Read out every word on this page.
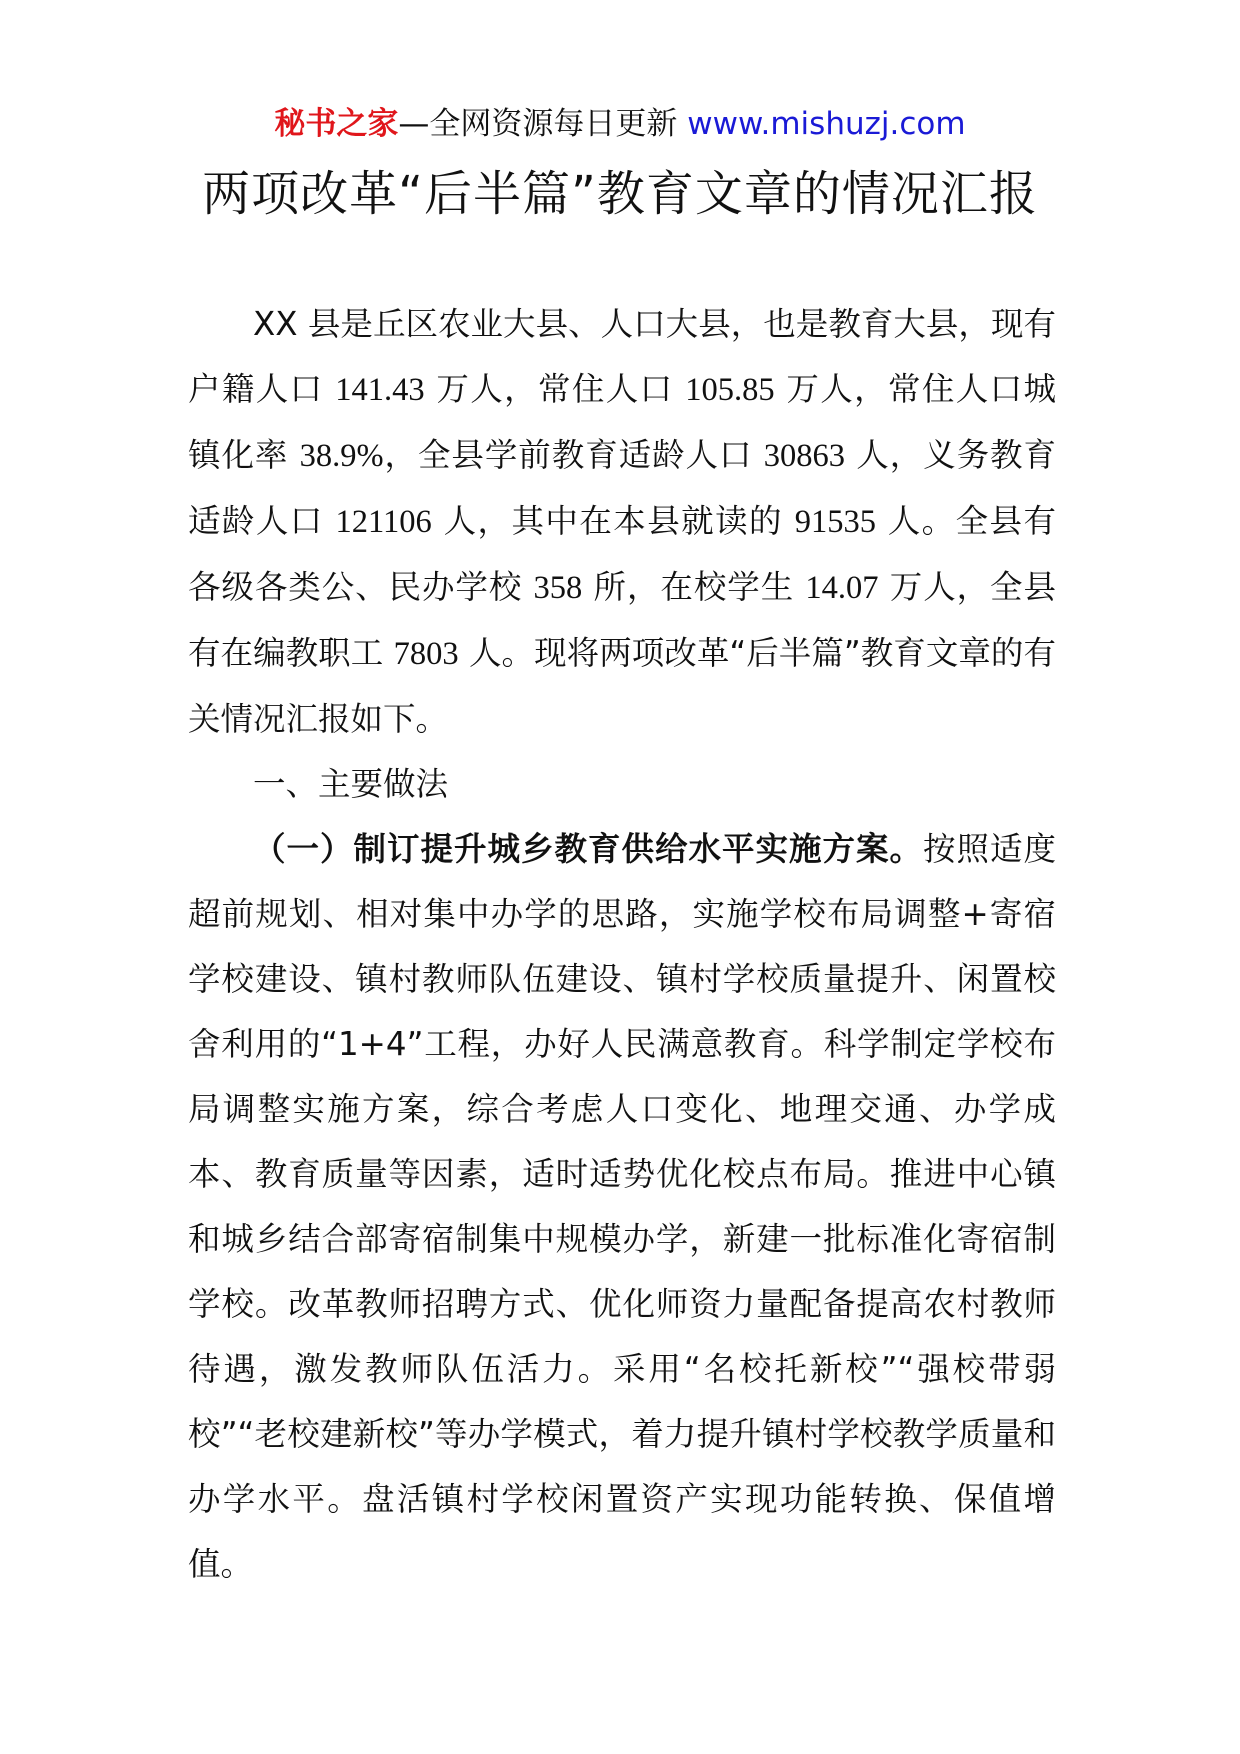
秘书之家—全网资源每日更新 www.mishuzj.com
两项改革“后半篇”教育文章的情况汇报

XX 县是丘区农业大县、人口大县，也是教育大县，现有户籍人口 141.43 万人，常住人口 105.85 万人，常住人口城镇化率 38.9%，全县学前教育适龄人口 30863 人，义务教育适龄人口 121106 人，其中在本县就读的 91535 人。全县有各级各类公、民办学校 358 所，在校学生 14.07 万人，全县有在编教职工 7803 人。现将两项改革“后半篇”教育文章的有关情况汇报如下。

一、主要做法

（一）制订提升城乡教育供给水平实施方案。按照适度超前规划、相对集中办学的思路，实施学校布局调整+寄宿学校建设、镇村教师队伍建设、镇村学校质量提升、闲置校舍利用的“1+4”工程，办好人民满意教育。科学制定学校布局调整实施方案，综合考虑人口变化、地理交通、办学成本、教育质量等因素，适时适势优化校点布局。推进中心镇和城乡结合部寄宿制集中规模办学，新建一批标准化寄宿制学校。改革教师招聘方式、优化师资力量配备提高农村教师待遇，激发教师队伍活力。采用“名校托新校”“强校带弱校”“老校建新校”等办学模式，着力提升镇村学校教学质量和办学水平。盘活镇村学校闲置资产实现功能转换、保值增值。
